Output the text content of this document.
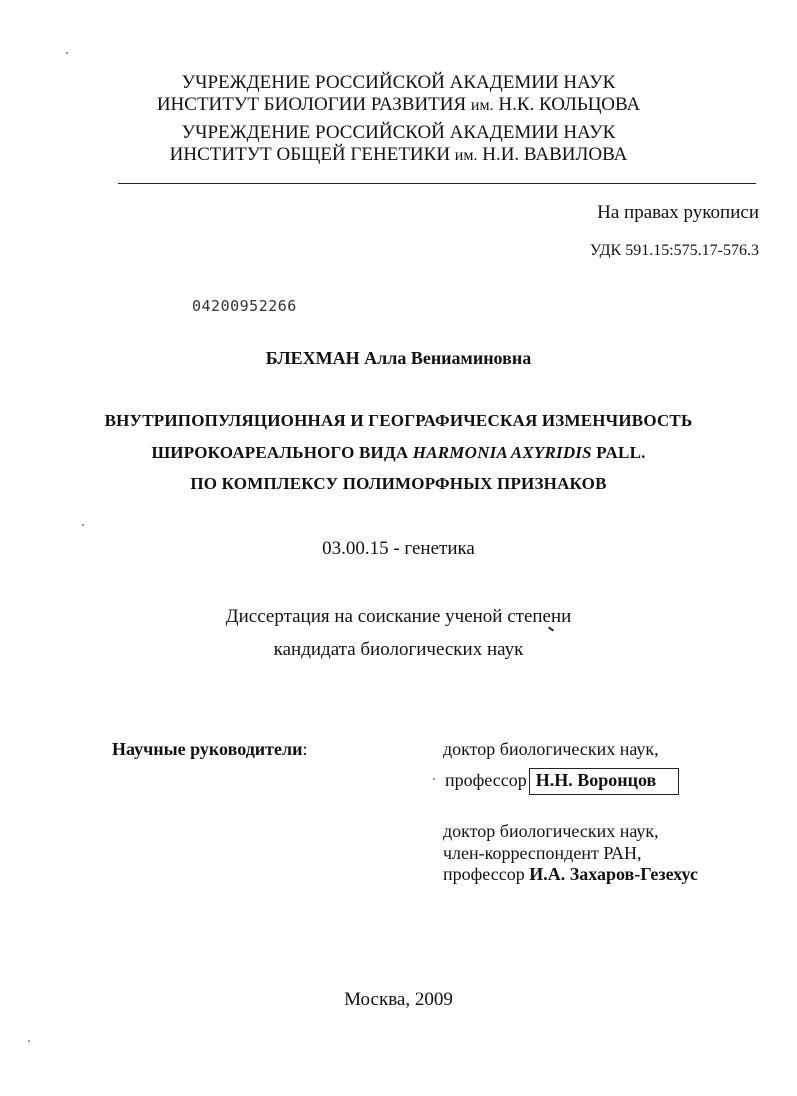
УЧРЕЖДЕНИЕ РОССИЙСКОЙ АКАДЕМИИ НАУК
ИНСТИТУТ БИОЛОГИИ РАЗВИТИЯ им. Н.К. КОЛЬЦОВА
УЧРЕЖДЕНИЕ РОССИЙСКОЙ АКАДЕМИИ НАУК
ИНСТИТУТ ОБЩЕЙ ГЕНЕТИКИ им. Н.И. ВАВИЛОВА
На правах рукописи
УДК 591.15:575.17-576.3
04200952266
БЛЕХМАН Алла Вениаминовна
ВНУТРИПОПУЛЯЦИОННАЯ И ГЕОГРАФИЧЕСКАЯ ИЗМЕНЧИВОСТЬ
ШИРОКОАРЕАЛЬНОГО ВИДА HARMONIA AXYRIDIS PALL.
ПО КОМПЛЕКСУ ПОЛИМОРФНЫХ ПРИЗНАКОВ
03.00.15 - генетика
Диссертация на соискание ученой степени
кандидата биологических наук
Научные руководители:	доктор биологических наук,
профессор Н.Н. Воронцов
доктор биологических наук,
член-корреспондент РАН,
профессор И.А. Захаров-Гезехус
Москва, 2009
